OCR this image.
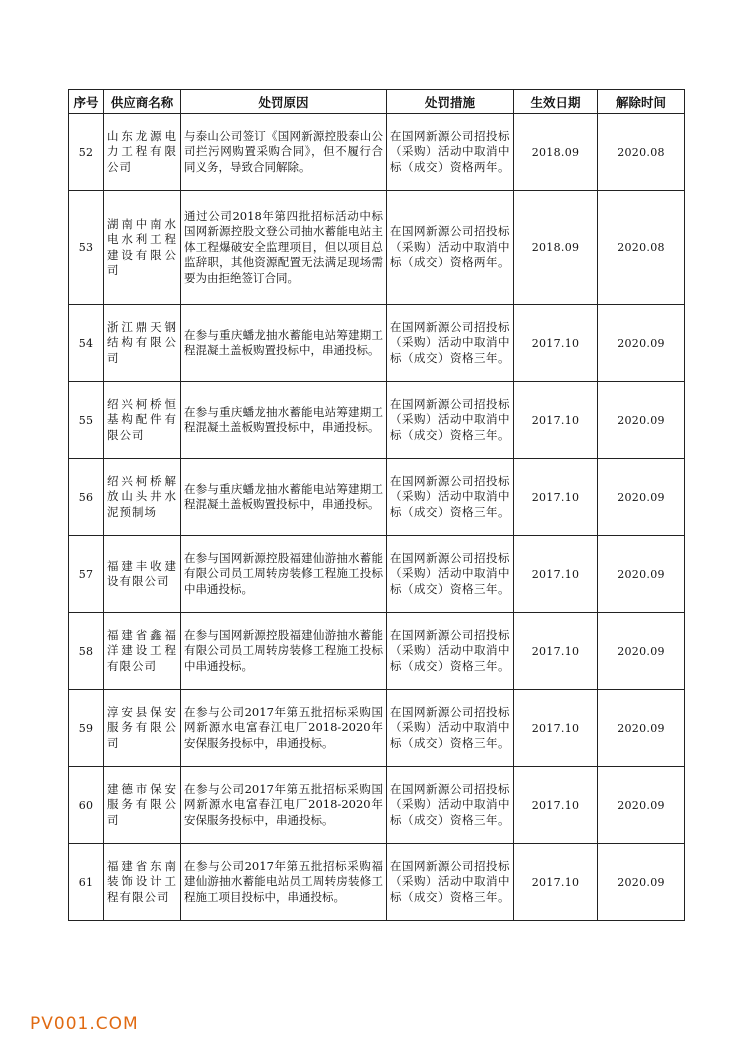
序号	供应商名称	处罚原因	处罚措施	生效日期	解除时间
52	山东龙源电力工程有限公司	与泰山公司签订《国网新源控股泰山公司拦污网购置采购合同》，但不履行合同义务，导致合同解除。	在国网新源公司招投标（采购）活动中取消中标（成交）资格两年。	2018.09	2020.08
53	湖南中南水电水利工程建设有限公司	通过公司2018年第四批招标活动中标国网新源控股文登公司抽水蓄能电站主体工程爆破安全监理项目，但以项目总监辞职，其他资源配置无法满足现场需要为由拒绝签订合同。	在国网新源公司招投标（采购）活动中取消中标（成交）资格两年。	2018.09	2020.08
54	浙江鼎天钢结构有限公司	在参与重庆蟠龙抽水蓄能电站筹建期工程混凝土盖板购置投标中，串通投标。	在国网新源公司招投标（采购）活动中取消中标（成交）资格三年。	2017.10	2020.09
55	绍兴柯桥恒基构配件有限公司	在参与重庆蟠龙抽水蓄能电站筹建期工程混凝土盖板购置投标中，串通投标。	在国网新源公司招投标（采购）活动中取消中标（成交）资格三年。	2017.10	2020.09
56	绍兴柯桥解放山头井水泥预制场	在参与重庆蟠龙抽水蓄能电站筹建期工程混凝土盖板购置投标中，串通投标。	在国网新源公司招投标（采购）活动中取消中标（成交）资格三年。	2017.10	2020.09
57	福建丰收建设有限公司	在参与国网新源控股福建仙游抽水蓄能有限公司员工周转房装修工程施工投标中串通投标。	在国网新源公司招投标（采购）活动中取消中标（成交）资格三年。	2017.10	2020.09
58	福建省鑫福洋建设工程有限公司	在参与国网新源控股福建仙游抽水蓄能有限公司员工周转房装修工程施工投标中串通投标。	在国网新源公司招投标（采购）活动中取消中标（成交）资格三年。	2017.10	2020.09
59	淳安县保安服务有限公司	在参与公司2017年第五批招标采购国网新源水电富春江电厂2018-2020年安保服务投标中，串通投标。	在国网新源公司招投标（采购）活动中取消中标（成交）资格三年。	2017.10	2020.09
60	建德市保安服务有限公司	在参与公司2017年第五批招标采购国网新源水电富春江电厂2018-2020年安保服务投标中，串通投标。	在国网新源公司招投标（采购）活动中取消中标（成交）资格三年。	2017.10	2020.09
61	福建省东南装饰设计工程有限公司	在参与公司2017年第五批招标采购福建仙游抽水蓄能电站员工周转房装修工程施工项目投标中，串通投标。	在国网新源公司招投标（采购）活动中取消中标（成交）资格三年。	2017.10	2020.09
PV001.COM
